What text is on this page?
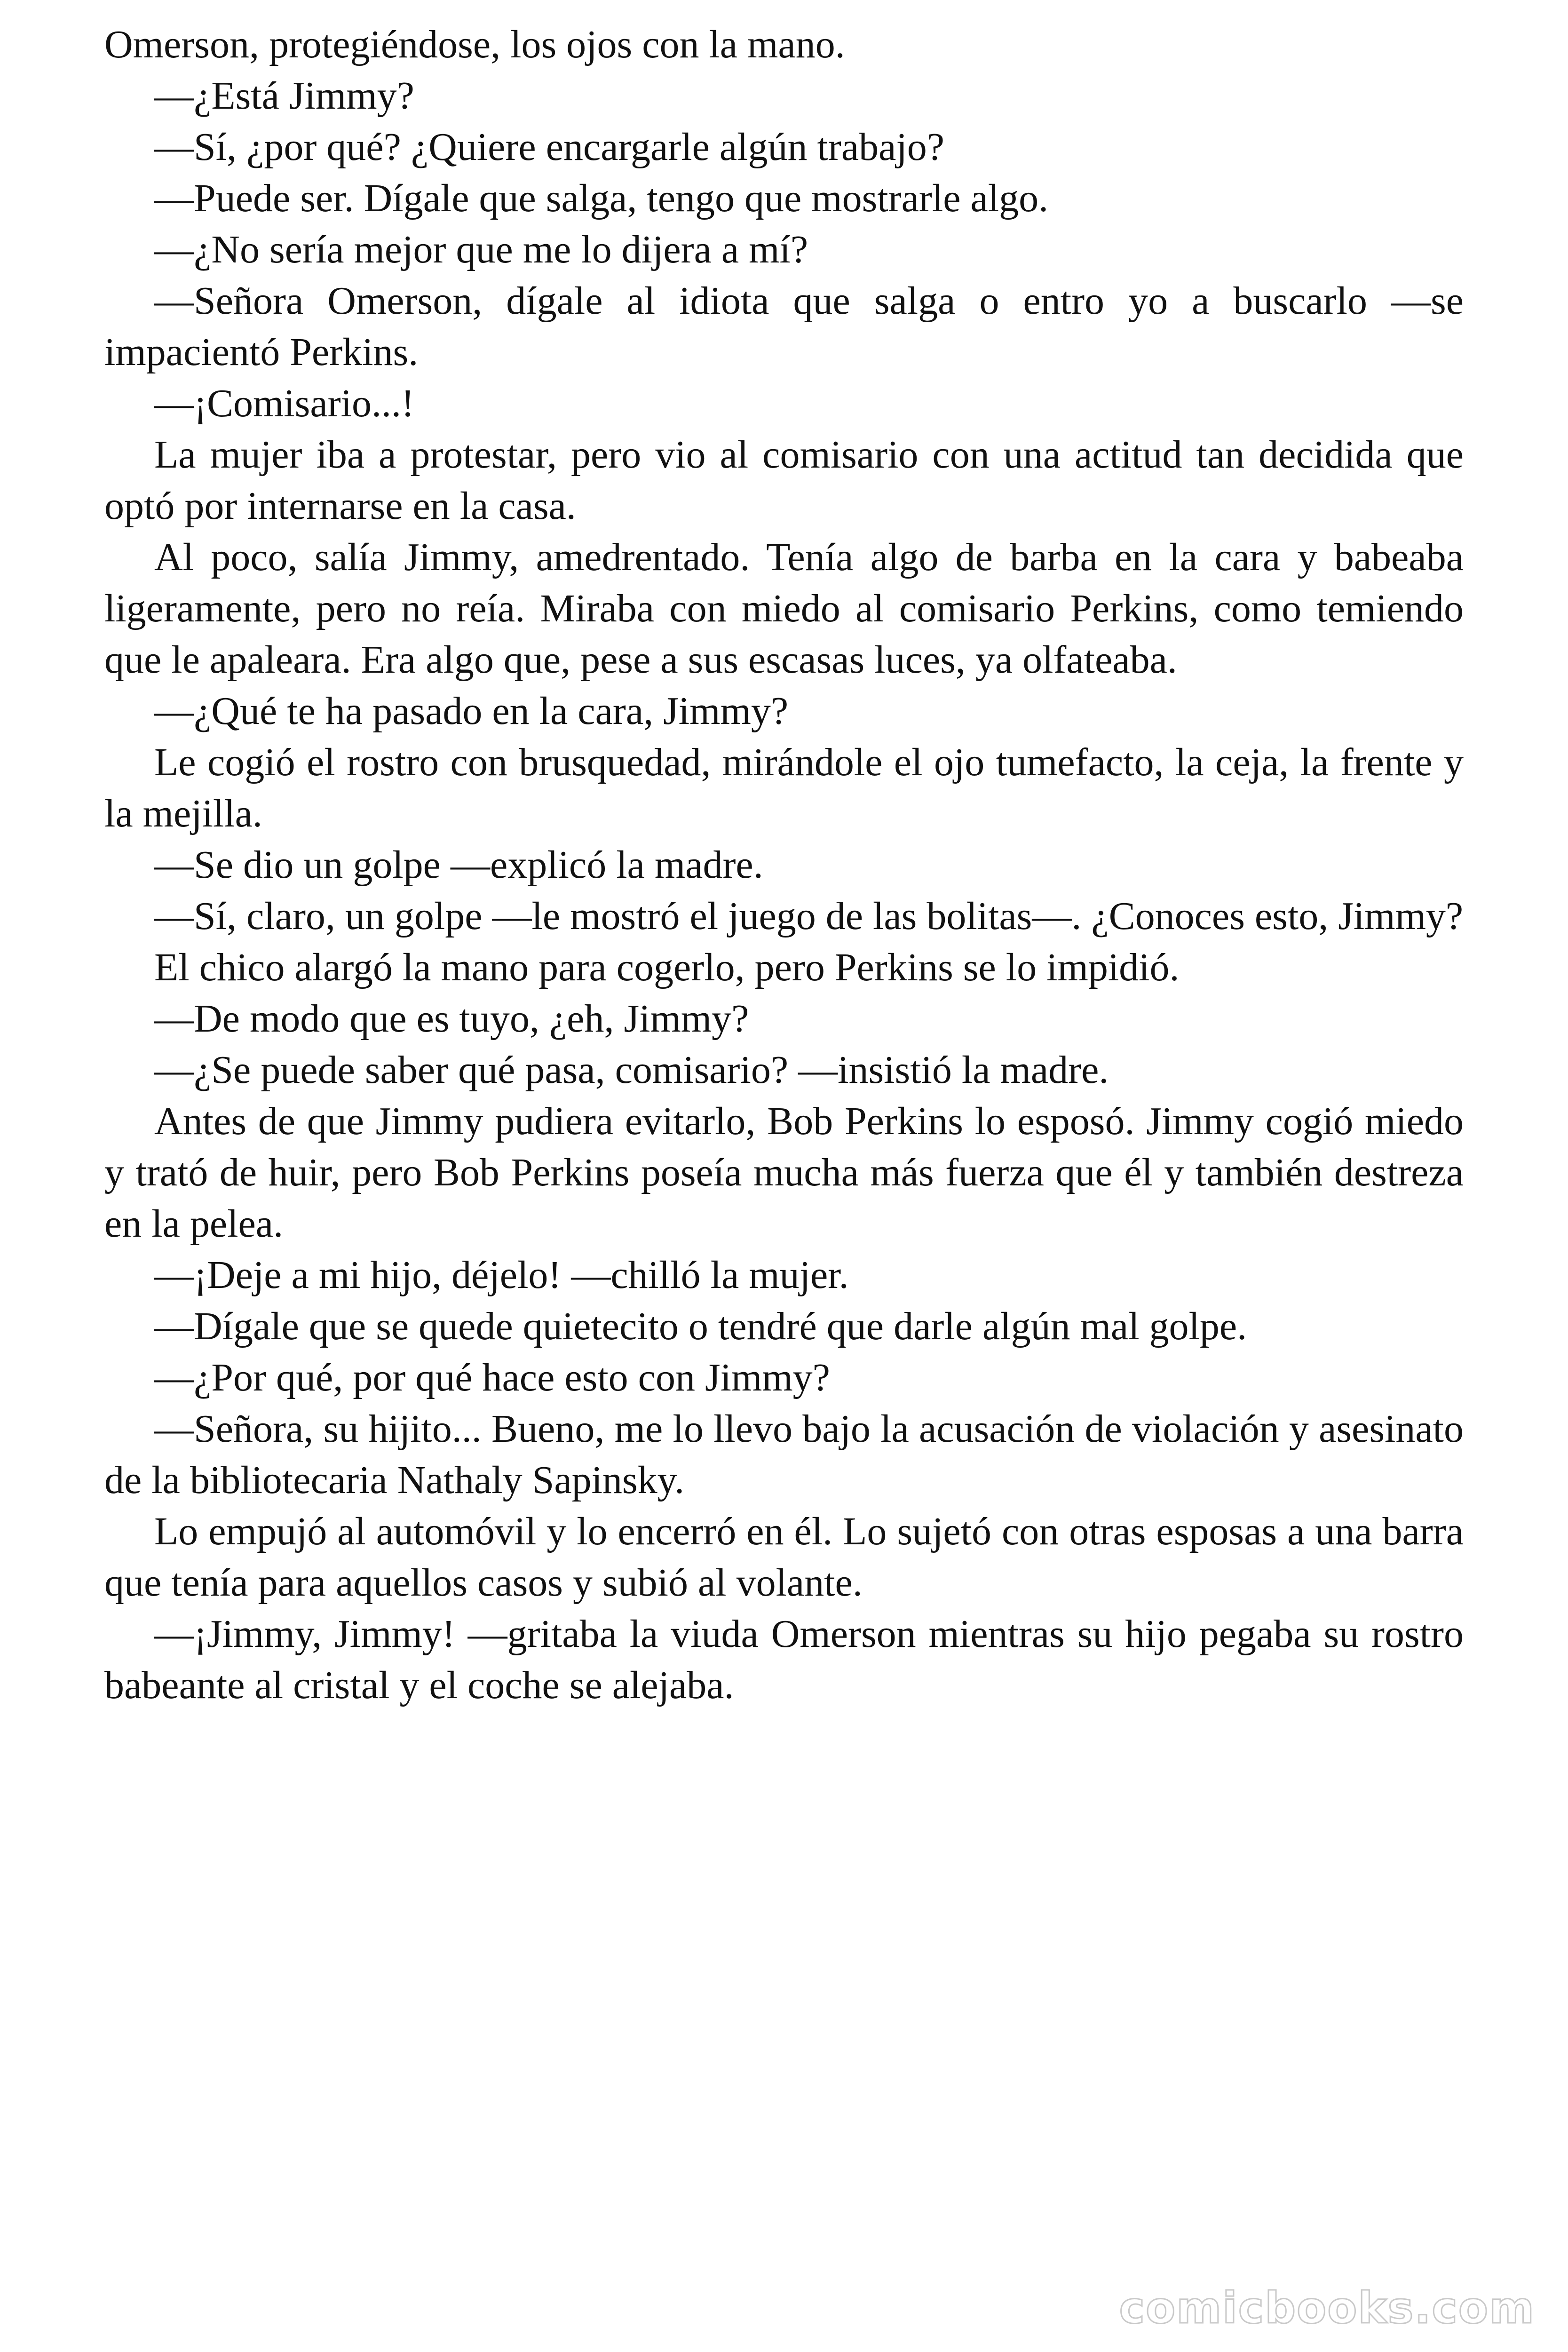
Omerson, protegiéndose, los ojos con la mano.

—¿Está Jimmy?

—Sí, ¿por qué? ¿Quiere encargarle algún trabajo?

—Puede ser. Dígale que salga, tengo que mostrarle algo.

—¿No sería mejor que me lo dijera a mí?

—Señora Omerson, dígale al idiota que salga o entro yo a buscarlo —se impacientó Perkins.

—¡Comisario...!

La mujer iba a protestar, pero vio al comisario con una actitud tan decidida que optó por internarse en la casa.

Al poco, salía Jimmy, amedrentado. Tenía algo de barba en la cara y babeaba ligeramente, pero no reía. Miraba con miedo al comisario Perkins, como temiendo que le apaleara. Era algo que, pese a sus escasas luces, ya olfateaba.

—¿Qué te ha pasado en la cara, Jimmy?

Le cogió el rostro con brusquedad, mirándole el ojo tumefacto, la ceja, la frente y la mejilla.

—Se dio un golpe —explicó la madre.

—Sí, claro, un golpe —le mostró el juego de las bolitas—. ¿Conoces esto, Jimmy?

El chico alargó la mano para cogerlo, pero Perkins se lo impidió.

—De modo que es tuyo, ¿eh, Jimmy?

—¿Se puede saber qué pasa, comisario? —insistió la madre.

Antes de que Jimmy pudiera evitarlo, Bob Perkins lo esposó. Jimmy cogió miedo y trató de huir, pero Bob Perkins poseía mucha más fuerza que él y también destreza en la pelea.

—¡Deje a mi hijo, déjelo! —chilló la mujer.

—Dígale que se quede quietecito o tendré que darle algún mal golpe.

—¿Por qué, por qué hace esto con Jimmy?

—Señora, su hijito... Bueno, me lo llevo bajo la acusación de violación y asesinato de la bibliotecaria Nathaly Sapinsky.

Lo empujó al automóvil y lo encerró en él. Lo sujetó con otras esposas a una barra que tenía para aquellos casos y subió al volante.

—¡Jimmy, Jimmy! —gritaba la viuda Omerson mientras su hijo pegaba su rostro babeante al cristal y el coche se alejaba.

comicbooks.com
